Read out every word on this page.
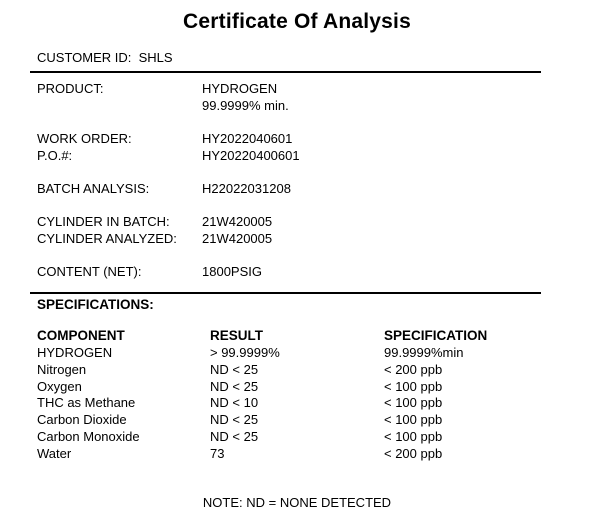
Certificate Of Analysis
CUSTOMER ID: SHLS
PRODUCT:	HYDROGEN
99.9999% min.
WORK ORDER:	HY2022040601
P.O.#:	HY20220400601
BATCH ANALYSIS:	H22022031208
CYLINDER IN BATCH: 21W420005
CYLINDER ANALYZED: 21W420005
CONTENT (NET):	1800PSIG
SPECIFICATIONS:
COMPONENT	RESULT	SPECIFICATION
HYDROGEN	> 99.9999%	99.9999%min
Nitrogen	ND < 25	< 200 ppb
Oxygen	ND < 25	< 100 ppb
THC as Methane	ND < 10	< 100 ppb
Carbon Dioxide	ND < 25	< 100 ppb
Carbon Monoxide	ND < 25	< 100 ppb
Water	73	< 200 ppb
NOTE: ND = NONE DETECTED
